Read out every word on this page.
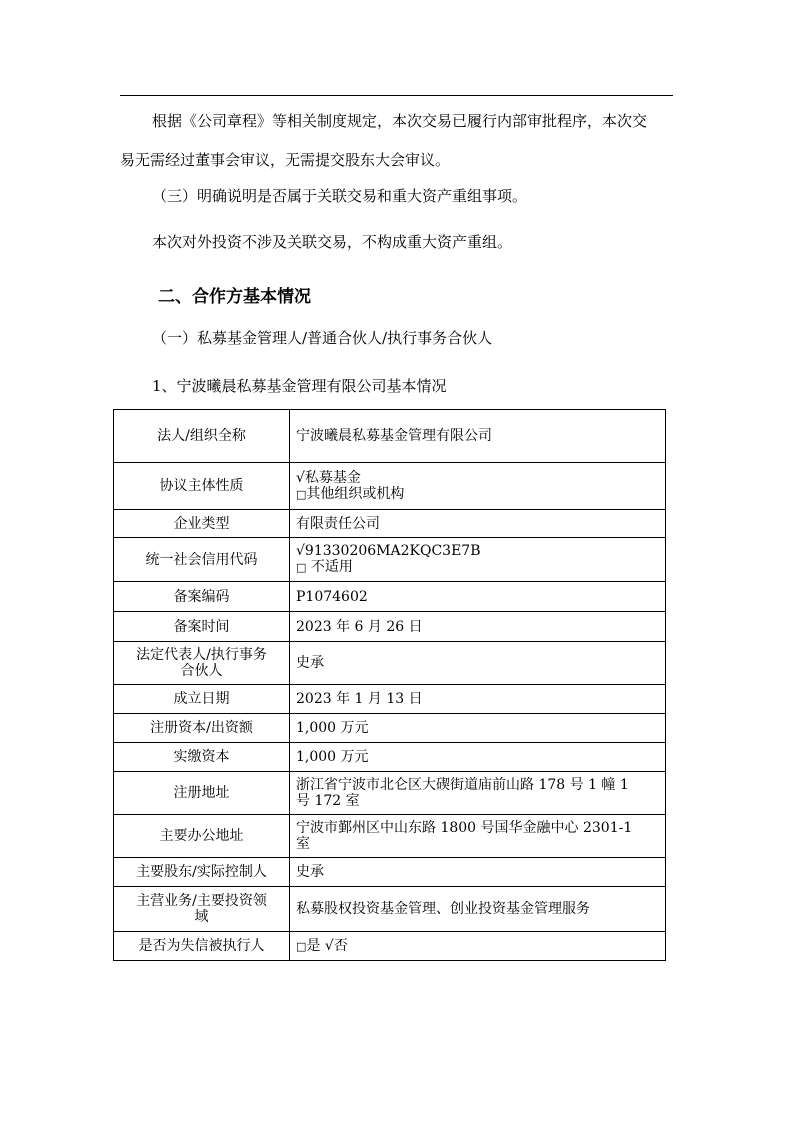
根据《公司章程》等相关制度规定，本次交易已履行内部审批程序，本次交
易无需经过董事会审议，无需提交股东大会审议。
（三）明确说明是否属于关联交易和重大资产重组事项。
本次对外投资不涉及关联交易，不构成重大资产重组。
二、合作方基本情况
（一）私募基金管理人/普通合伙人/执行事务合伙人
1、宁波曦晨私募基金管理有限公司基本情况
法人/组织全称	宁波曦晨私募基金管理有限公司
协议主体性质	√私募基金
□其他组织或机构

企业类型	有限责任公司
统一社会信用代码	√91330206MA2KQC3E7B
□ 不适用

备案编码	P1074602
备案时间	2023 年 6 月 26 日

法定代表人/执行事务
合伙人	史承
成立日期	2023 年 1 月 13 日
注册资本/出资额	1,000 万元
实缴资本	1,000 万元
注册地址	浙江省宁波市北仑区大碶街道庙前山路 178 号 1 幢 1
号 172 室

主要办公地址	宁波市鄞州区中山东路 1800 号国华金融中心 2301-1
室

主要股东/实际控制人	史承

主营业务/主要投资领
域	私募股权投资基金管理、创业投资基金管理服务
是否为失信被执行人	□是 √否
